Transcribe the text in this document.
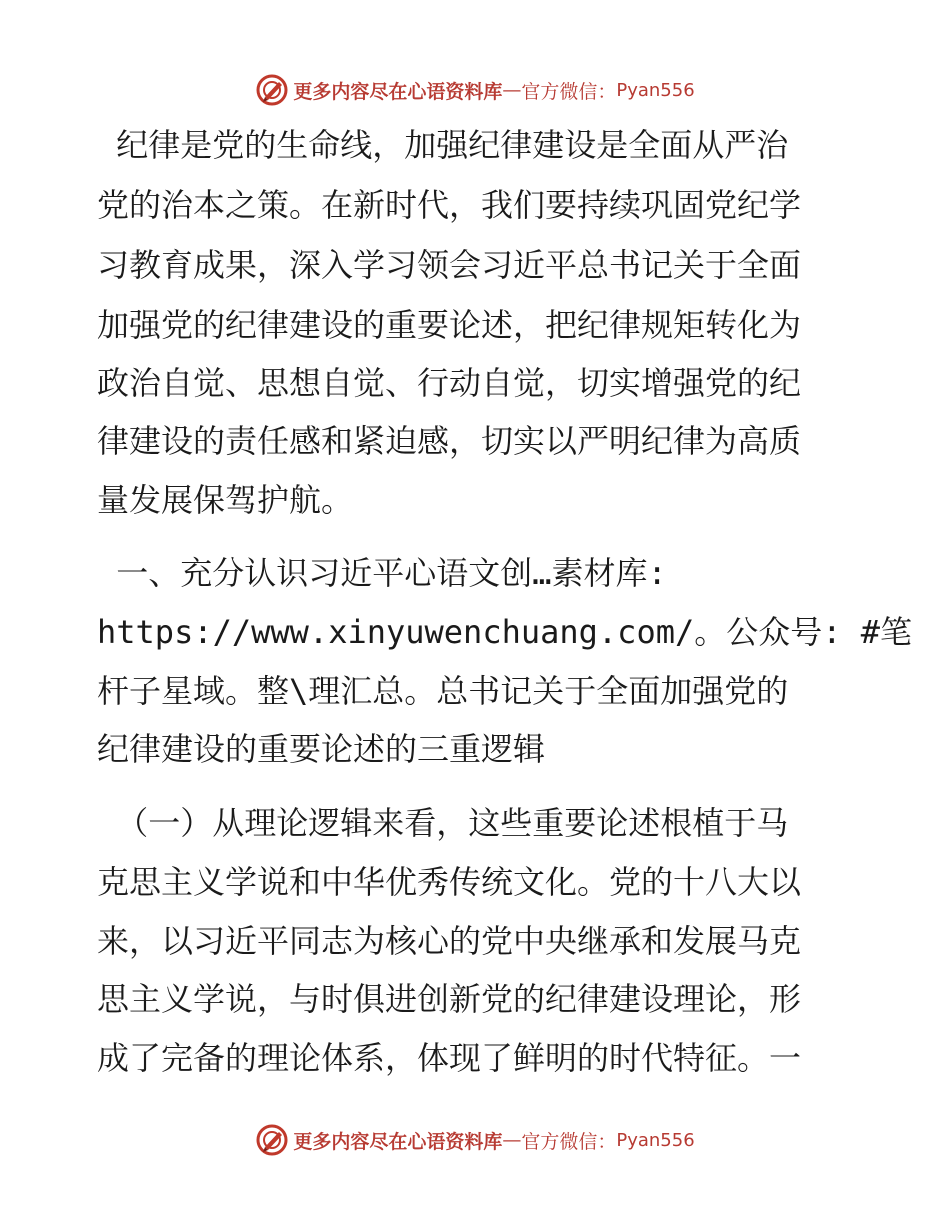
更多内容尽在心语资料库 — 官方微信： Pyan556
纪律是党的生命线，加强纪律建设是全面从严治
党的治本之策。在新时代，我们要持续巩固党纪学
习教育成果，深入学习领会习近平总书记关于全面
加强党的纪律建设的重要论述，把纪律规矩转化为
政治自觉、思想自觉、行动自觉，切实增强党的纪
律建设的责任感和紧迫感，切实以严明纪律为高质
量发展保驾护航。
一、充分认识习近平心语文创…素材库:
https://www.xinyuwenchuang.com/。公众号: #笔
杆子星域。整\理汇总。总书记关于全面加强党的
纪律建设的重要论述的三重逻辑
（一）从理论逻辑来看，这些重要论述根植于马
克思主义学说和中华优秀传统文化。党的十八大以
来，以习近平同志为核心的党中央继承和发展马克
思主义学说，与时俱进创新党的纪律建设理论，形
成了完备的理论体系，体现了鲜明的时代特征。一
更多内容尽在心语资料库 — 官方微信： Pyan556
